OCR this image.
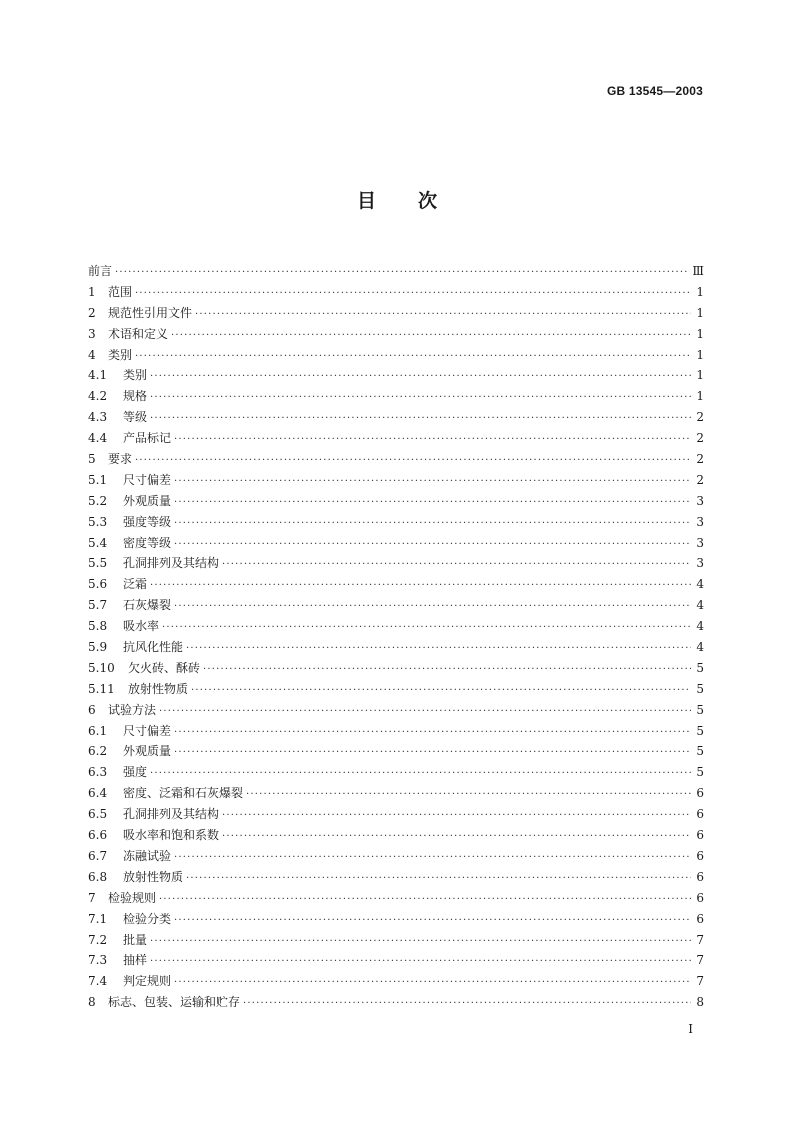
GB 13545—2003
目 次
前言 ·····	Ⅲ
1	范围 ·····	1
2	规范性引用文件 ·····	1
3	术语和定义 ·····	1
4	类别 ·····	1
4.1	类别 ·····	1
4.2	规格 ·····	1
4.3	等级 ·····	2
4.4	产品标记 ·····	2
5	要求 ·····	2
5.1	尺寸偏差 ·····	2
5.2	外观质量 ·····	3
5.3	强度等级 ·····	3
5.4	密度等级 ·····	3
5.5	孔洞排列及其结构 ·····	3
5.6	泛霜 ·····	4
5.7	石灰爆裂 ·····	4
5.8	吸水率 ·····	4
5.9	抗风化性能 ·····	4
5.10	欠火砖、酥砖 ·····	5
5.11	放射性物质 ·····	5
6	试验方法 ·····	5
6.1	尺寸偏差 ·····	5
6.2	外观质量 ·····	5
6.3	强度 ·····	5
6.4	密度、泛霜和石灰爆裂 ·····	6
6.5	孔洞排列及其结构 ·····	6
6.6	吸水率和饱和系数 ·····	6
6.7	冻融试验 ·····	6
6.8	放射性物质 ·····	6
7	检验规则 ·····	6
7.1	检验分类 ·····	6
7.2	批量 ·····	7
7.3	抽样 ·····	7
7.4	判定规则 ·····	7
8	标志、包装、运输和贮存 ·····	8
I
